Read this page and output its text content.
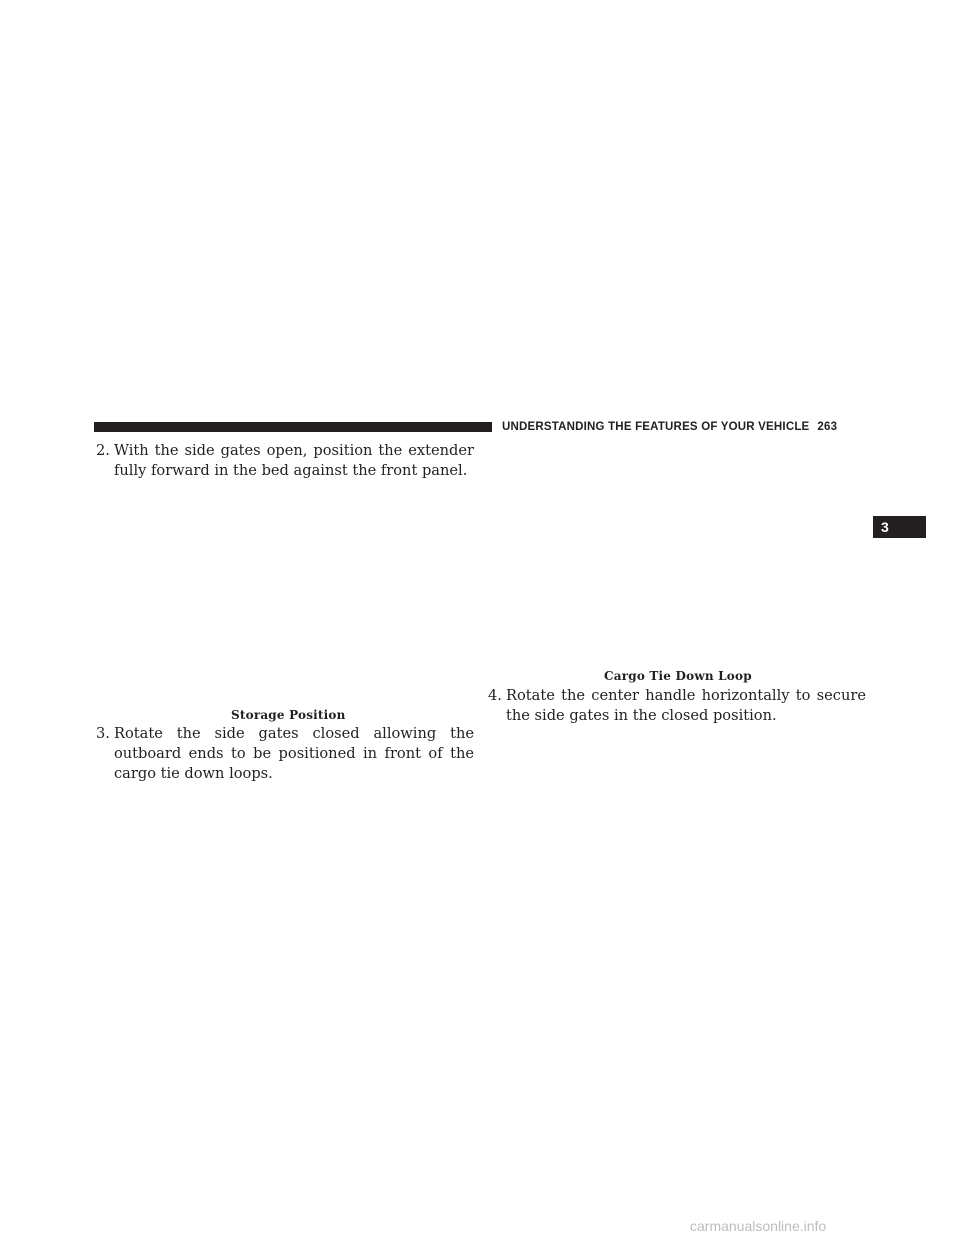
UNDERSTANDING THE FEATURES OF YOUR VEHICLE 263
3
2. With the side gates open, position the extender fully forward in the bed against the front panel.
Storage Position
3. Rotate the side gates closed allowing the outboard ends to be positioned in front of the cargo tie down loops.
Cargo Tie Down Loop
4. Rotate the center handle horizontally to secure the side gates in the closed position.
carmanualsonline.info
